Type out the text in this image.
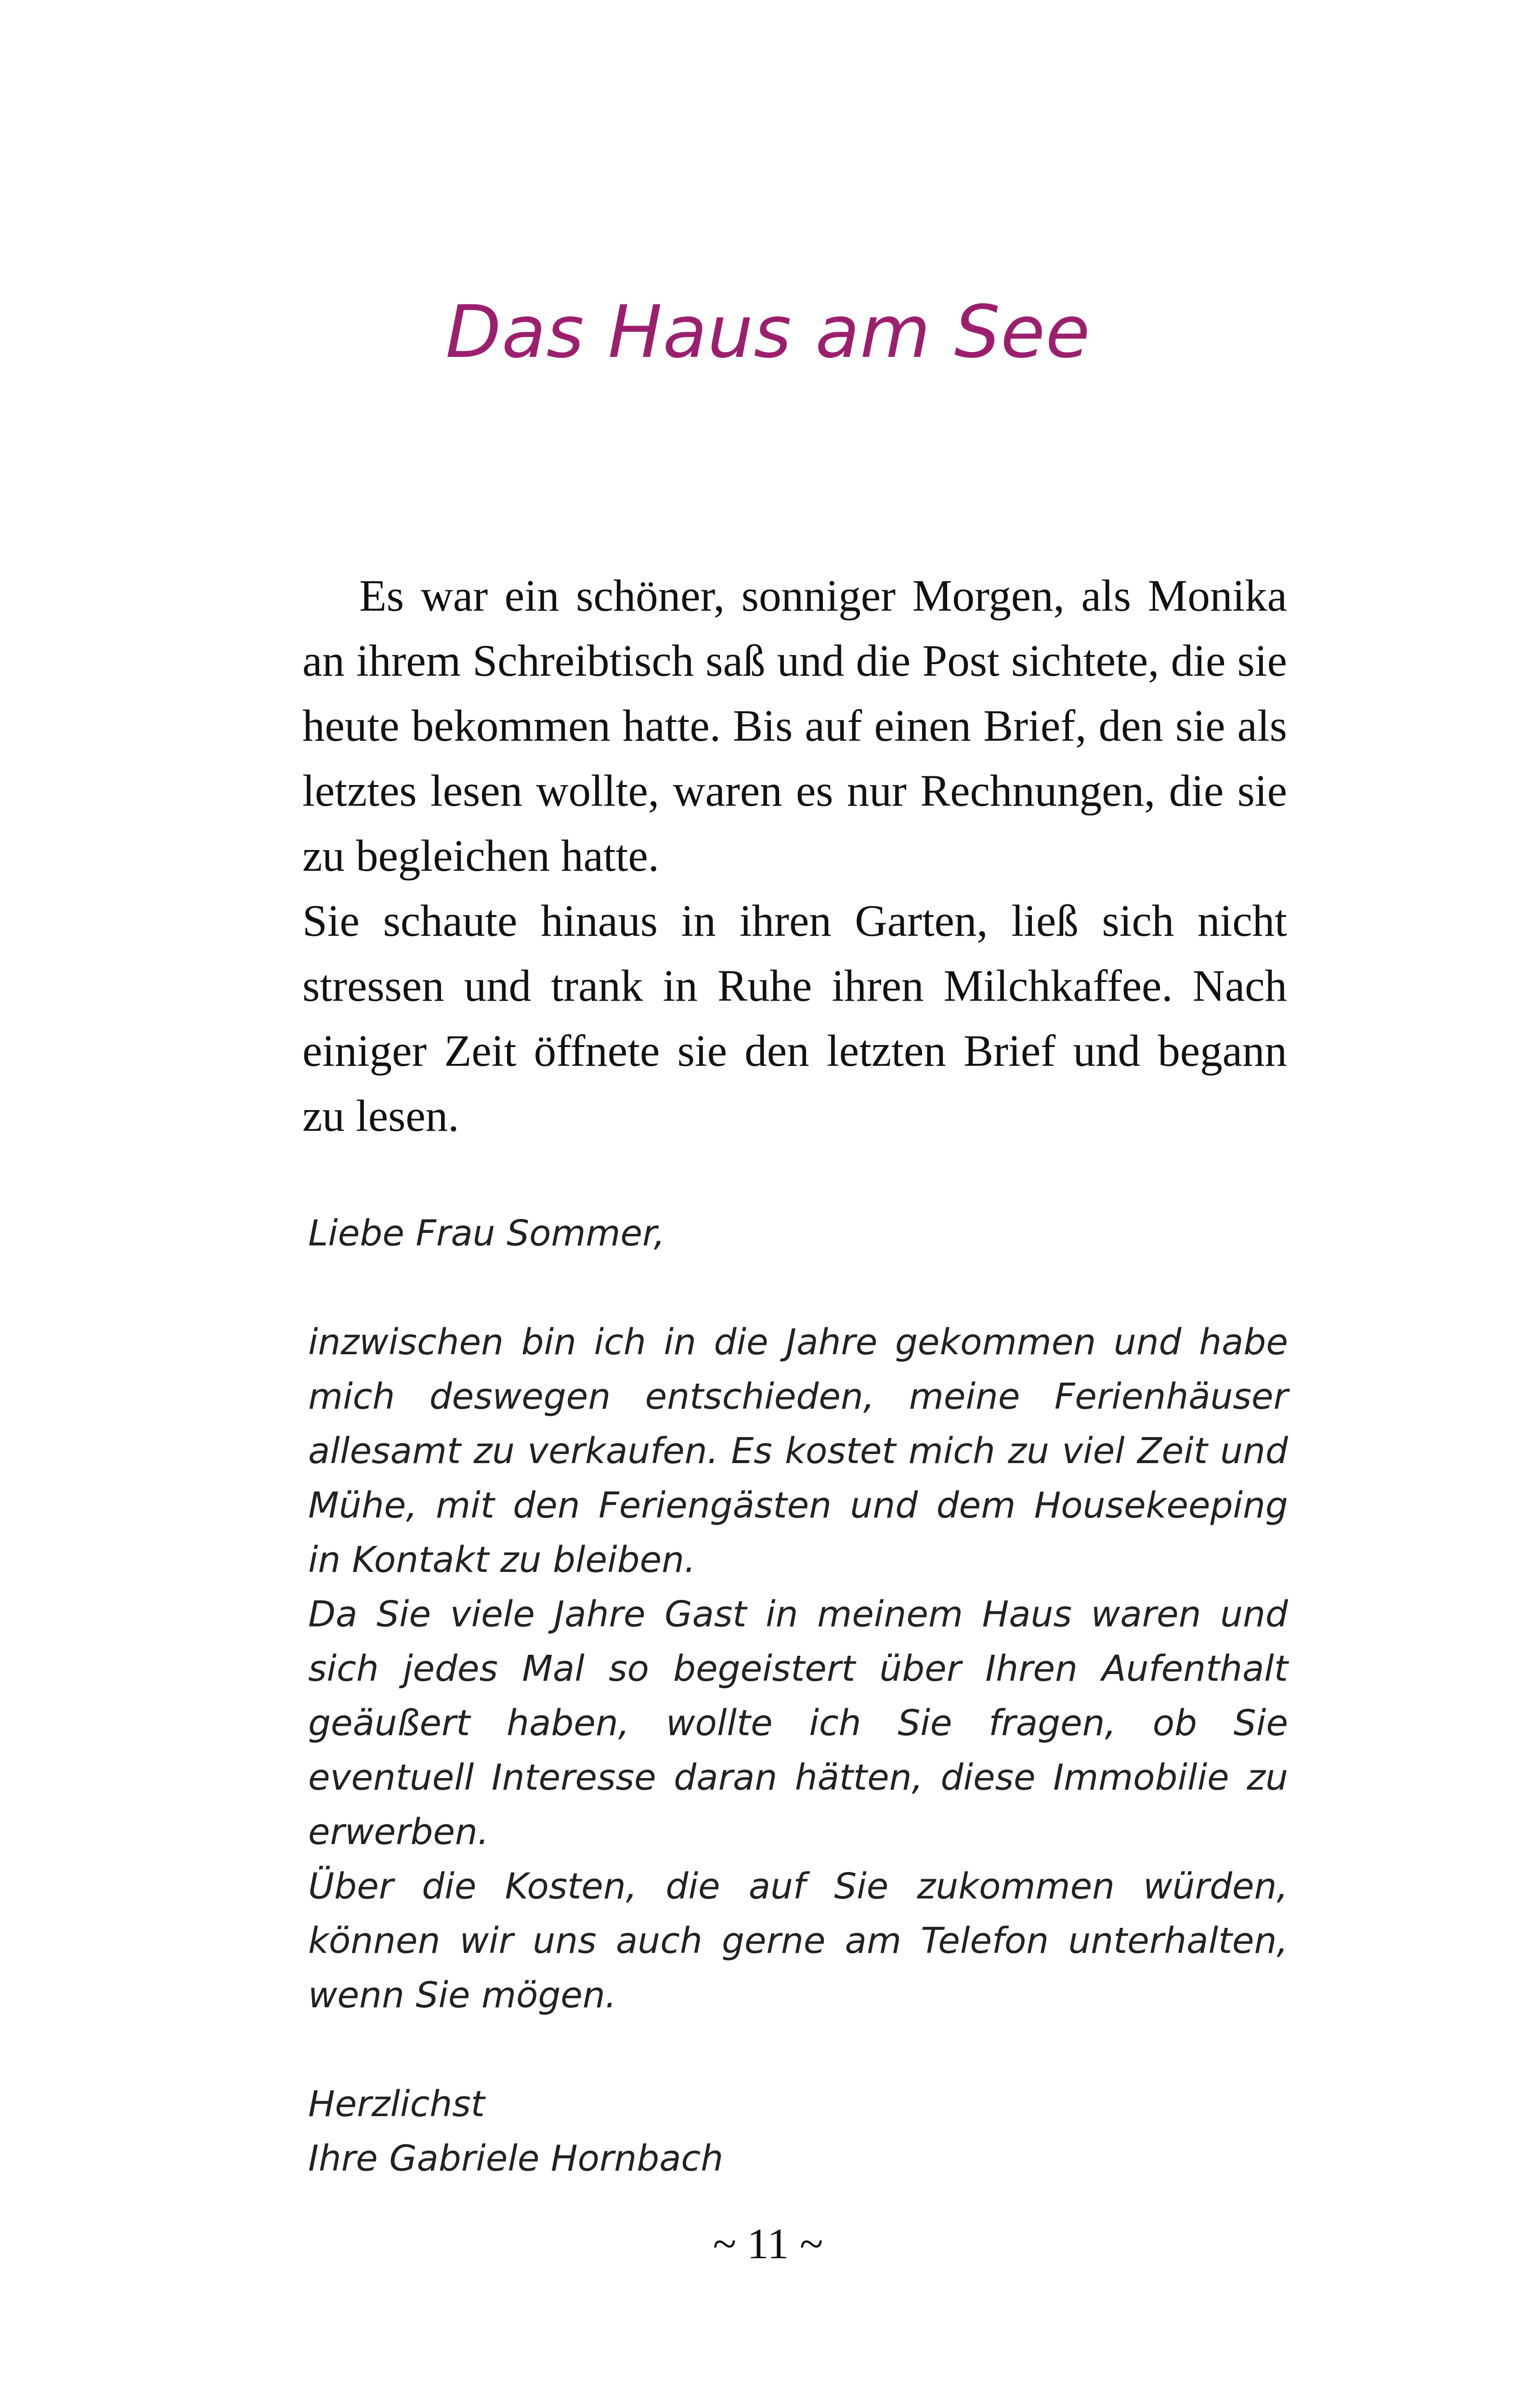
Das Haus am See

Es war ein schöner, sonniger Morgen, als Monika an ihrem Schreibtisch saß und die Post sichtete, die sie heute bekommen hatte. Bis auf einen Brief, den sie als letztes lesen wollte, waren es nur Rechnungen, die sie zu begleichen hatte.

Sie schaute hinaus in ihren Garten, ließ sich nicht stressen und trank in Ruhe ihren Milchkaffee. Nach einiger Zeit öffnete sie den letzten Brief und begann zu lesen.

Liebe Frau Sommer,

inzwischen bin ich in die Jahre gekommen und habe mich deswegen entschieden, meine Ferienhäuser allesamt zu verkaufen. Es kostet mich zu viel Zeit und Mühe, mit den Feriengästen und dem Housekeeping in Kontakt zu bleiben.

Da Sie viele Jahre Gast in meinem Haus waren und sich jedes Mal so begeistert über Ihren Aufenthalt geäußert haben, wollte ich Sie fragen, ob Sie eventuell Interesse daran hätten, diese Immobilie zu erwerben.

Über die Kosten, die auf Sie zukommen würden, können wir uns auch gerne am Telefon unterhalten, wenn Sie mögen.

Herzlichst

Ihre Gabriele Hornbach

~ 11 ~
